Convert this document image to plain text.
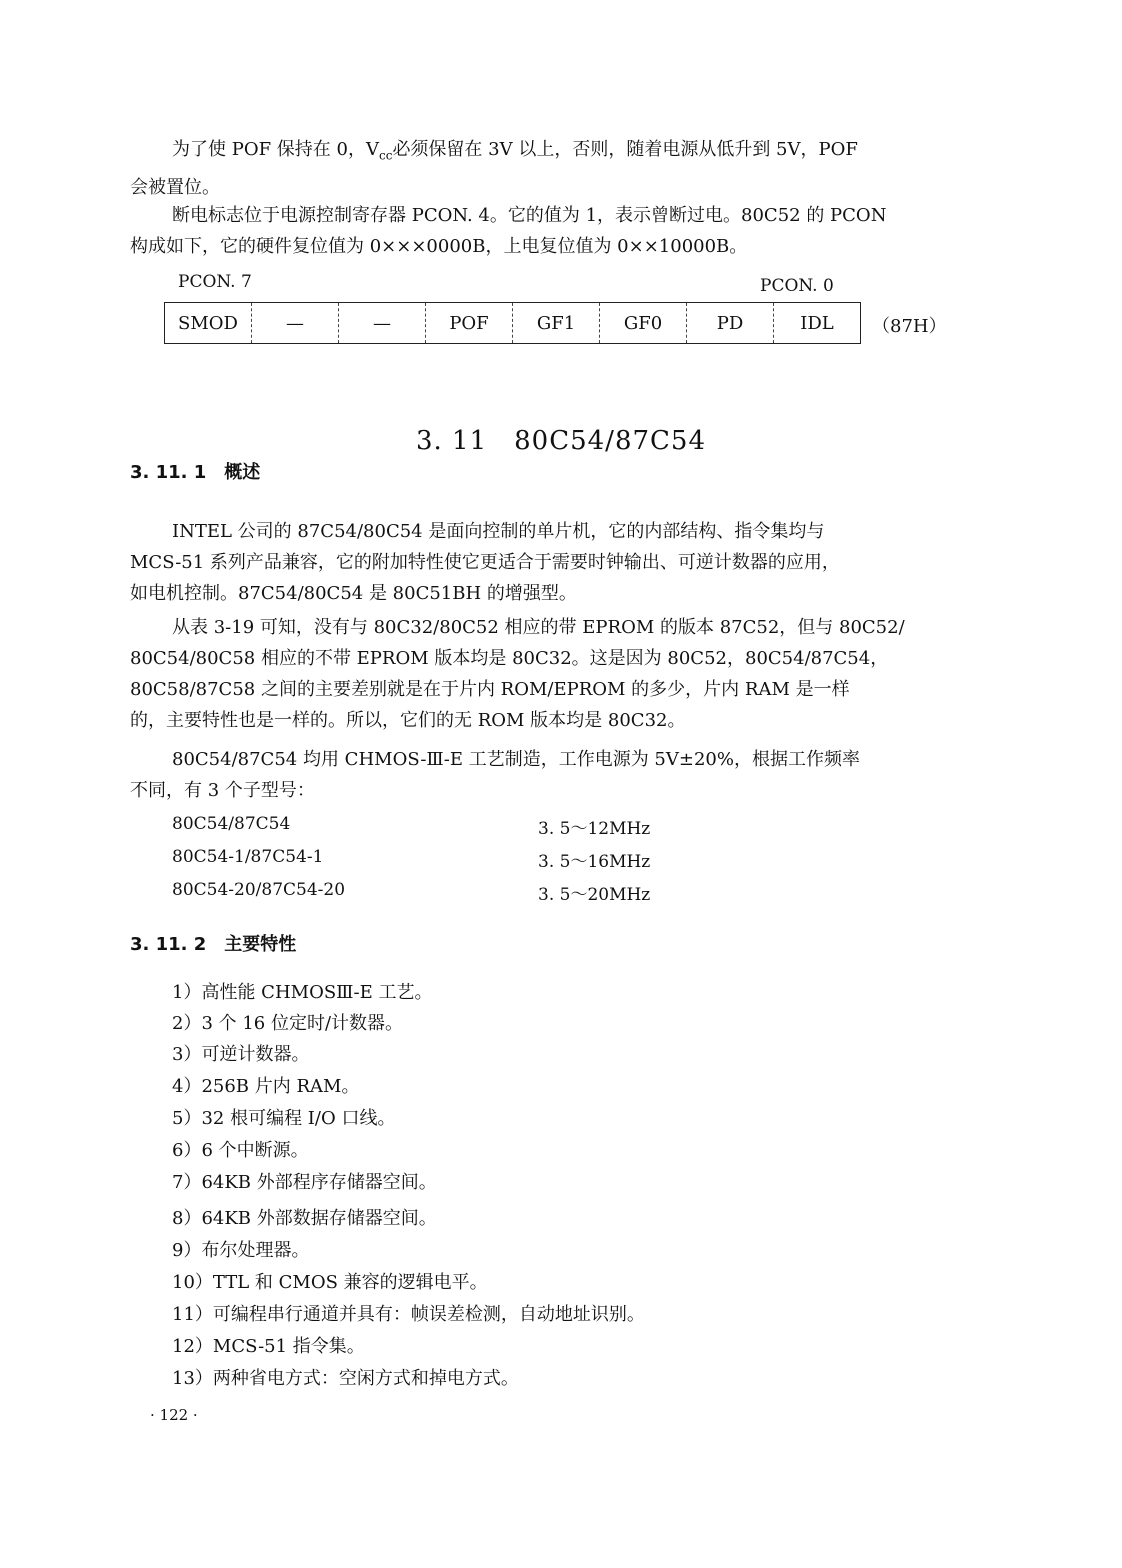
为了使 POF 保持在 0，$V_{cc}$必须保留在 3V 以上，否则，随着电源从低升到 5V，POF
会被置位。
断电标志位于电源控制寄存器 PCON. 4。它的值为 1，表示曾断过电。80C52 的 PCON
构成如下，它的硬件复位值为 0×××0000B，上电复位值为 0××10000B。
PCON. 7	PCON. 0
SMOD	—	—	POF	GF1	GF0	PD	IDL （87H）
3. 11　80C54/87C54
3. 11. 1　概述
INTEL 公司的 87C54/80C54 是面向控制的单片机，它的内部结构、指令集均与
MCS-51 系列产品兼容，它的附加特性使它更适合于需要时钟输出、可逆计数器的应用，
如电机控制。87C54/80C54 是 80C51BH 的增强型。
从表 3-19 可知，没有与 80C32/80C52 相应的带 EPROM 的版本 87C52，但与 80C52/
80C54/80C58 相应的不带 EPROM 版本均是 80C32。这是因为 80C52，80C54/87C54，
80C58/87C58 之间的主要差别就是在于片内 ROM/EPROM 的多少，片内 RAM 是一样
的，主要特性也是一样的。所以，它们的无 ROM 版本均是 80C32。
80C54/87C54 均用 CHMOS-Ⅲ-E 工艺制造，工作电源为 5V±20%，根据工作频率
不同，有 3 个子型号：
80C54/87C54	3. 5～12MHz
80C54-1/87C54-1	3. 5～16MHz
80C54-20/87C54-20	3. 5～20MHz
3. 11. 2　主要特性
1）高性能 CHMOSⅢ-E 工艺。
2）3 个 16 位定时/计数器。
3）可逆计数器。
4）256B 片内 RAM。
5）32 根可编程 I/O 口线。
6）6 个中断源。
7）64KB 外部程序存储器空间。
8）64KB 外部数据存储器空间。
9）布尔处理器。
10）TTL 和 CMOS 兼容的逻辑电平。
11）可编程串行通道并具有：帧误差检测，自动地址识别。
12）MCS-51 指令集。
13）两种省电方式：空闲方式和掉电方式。
· 122 ·
